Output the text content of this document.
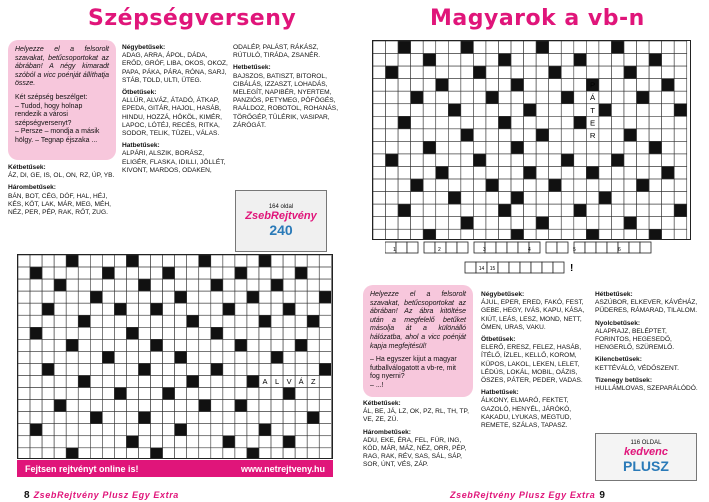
Szépségverseny

Helyezze el a felsorolt szavakat, betűcsoportokat az ábrában! A négy kimaradt szóból a vicc poénját állíthatja össze.

Két szépség beszélget:
– Tudod, hogy holnap rendezik a városi szépségversenyt?
– Persze – mondja a másik hölgy. – Tegnap éjszaka ...
Kétbetűsek:
ÁZ, DI, GE, IS, OL, ON, RZ, ÚP, YB.
Hárombetűsek:
BÁN, BOT, CÉG, DÓF, HAL, HÉJ, KÉS, KÖT, LAK, MÁR, MEG, MÉH, NÉZ, PER, PÉP, RAK, RŐT, ZUG.
Négybetűsek:
ADAG, ARRA, ÁPOL, DÁDA, ERŐD, GRÓF, LIBA, OKOS, OKOZ, PAPA, PÁKA, PÁRA, RÓNA, SARJ, STÁB, TOLD, ULTI, ÜTEG.
Ötbetűsek:
ALLŰR, ALVÁZ, ÁTADÓ, ÁTKAP, EPEDA, GITÁR, HAJOL, HASÁB, HINDU, HOZZÁ, HÖKÖL, KIMÉR, LAPOC, LÓTÉJ, RECÉS, RITKA, SODOR, TELIK, TÜZEL, VÁLAS.
Hatbetűsek:
ALPÁRI, ALSZIK, BORÁSZ, ELIGÉR, FLASKA, IDILLI, JÖLLÉT, KIVONT, MARDOS, ODAKEN,
ODALÉP, PALÁST, RÁKÁSZ, RÚTULÓ, TIRÁDA, ZSANÉR.
Hetbetűsek:
BAJSZOS, BATISZT, BITOROL, CIBÁLÁS, IZZASZT, LOHADÁS, MELEGÍT, NAPIBÉR, NYERTEM, PANZIÓS, PETYMEG, PÖFÖGÉS, RAÁLDOZ, ROBOTOL, ROHANÁS, TÖRŐGÉP, TÜLÉRIK, VASIPAR, ZÁRÓGÁT.
164 oldal
ZsebRejtvény
240
A L V Á Z
Fejtsen rejtvényt online is!	www.netrejtveny.hu
8 ZsebRejtvény Plusz Egy Extra
Magyarok a vb-n
P
Á
T
E
R
14 15	!
1	2	3	4	5	6

Helyezze el a felsorolt szavakat, betűcsoportokat az ábrában! Az ábra kitöltése után a megfelelő betűket másolja át a különálló hálózatba, ahol a vicc poénját kapja megfejtésül!

– Ha egyszer kijut a magyar futballválogatott a vb-re, mit fog nyerni?
– ...!
Kétbetűsek:
ÁL, BE, JÁ, LZ, OK, PZ, RL, TH, TP, VE, ZE, ZÚ.
Hárombetűsek:
ADU, EKE, ÉRA, FEL, FÚR, ING, KÓD, MÁR, MÁZ, NÉZ, ORR, PÉP, RAG, RAK, RÉV, SAS, SÁL, SÁP, SOR, ÚNT, VÉS, ZÁP.
Négybetűsek:
ÁJUL, EPER, ERED, FAKÓ, FEST, GEBE, HEGY, IVÁS, KAPU, KÁSA, KIÚT, LEÁS, LESZ, MOND, NETT, ÓMEN, URAS, VAKU.
Ötbetűsek:
ELERŐ, ERESZ, FELEZ, HASÁB, ÍTÉLŐ, ÍZLEL, KELLŐ, KOROM, KÜPOS, LAKOL, LEKEN, LELET, LÉDÚS, LOKÁL, MOBIL, OÁZIS, ÖSZES, PÁTER, PEDER, VADAS.
Hatbetűsek:
ÁLKONY, ELMARÓ, FEKTET, GAZOLÓ, HENYÉL, JÁRÓKÓ, KAKADU, LYUKAS, MEGTUD, REMETE, SZÁLAS, TAPASZ.
Hétbetűsek:
ASZÚBOR, ELKEVER, KÁVÉHÁZ, PÜDERES, RÁMARAD, TILALOM.
Nyolcbetűsek:
ALAPRAJZ, BELÉPTET, FORINTOS, HEGESEDŐ, HENGERLŐ, SZÜREMLŐ.
Kilencbetűsek:
KETTÉVÁLÓ, VÉDŐSZENT.
Tizenegy betűsek:
HULLÁMLOVAS, SZEPARÁLÓDÓ.
116 OLDAL
kedvenc
PLUSZ
ZsebRejtvény Plusz Egy Extra 9
